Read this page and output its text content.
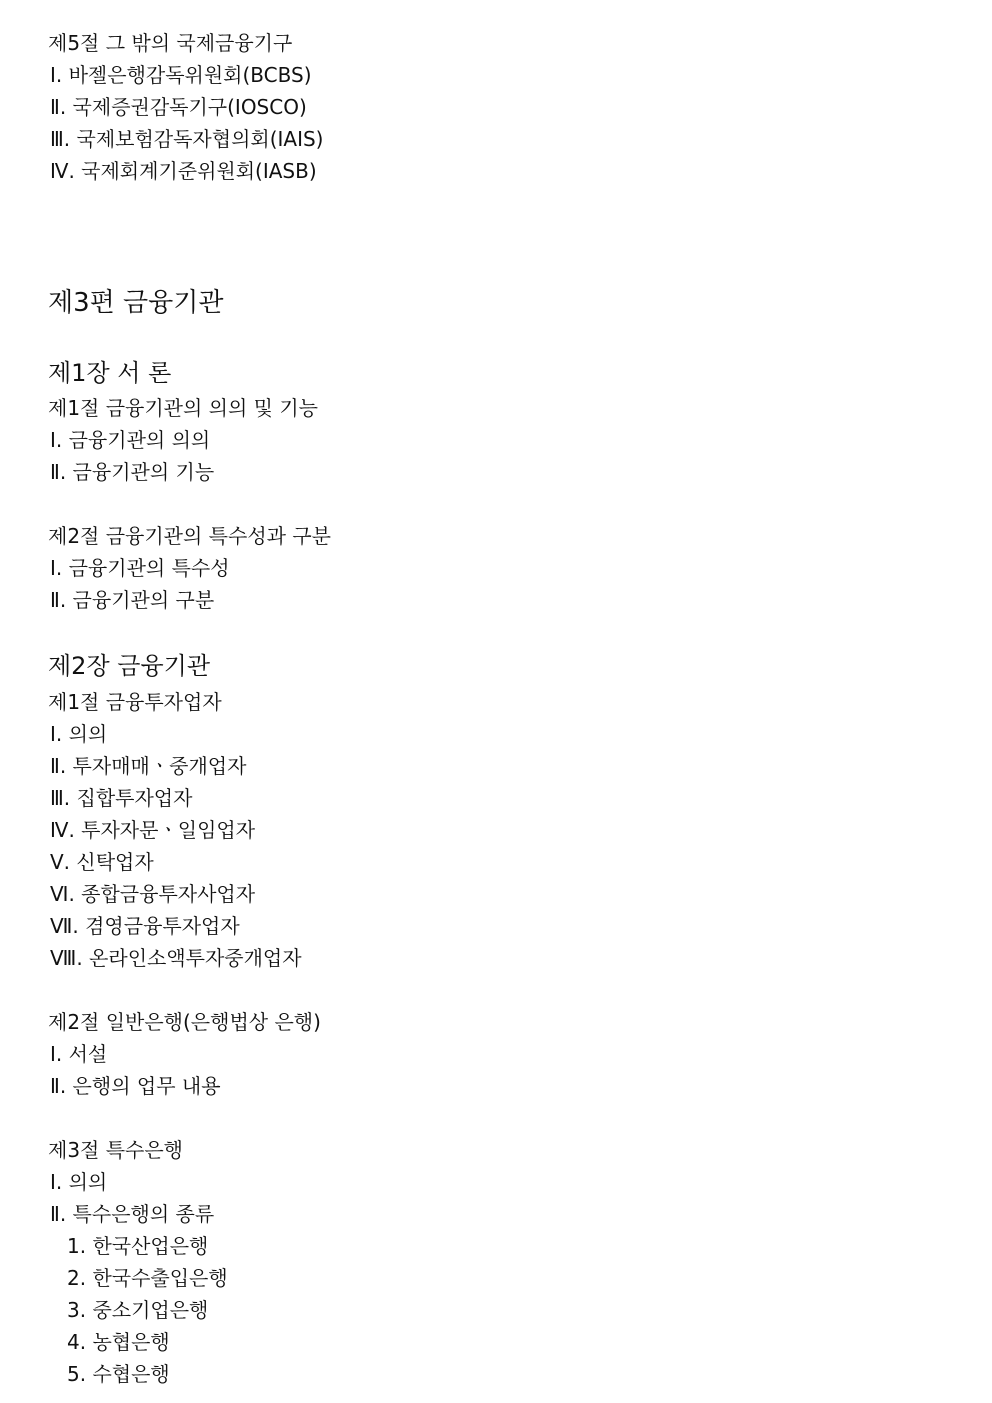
제5절 그 밖의 국제금융기구
Ⅰ. 바젤은행감독위원회(BCBS)
Ⅱ. 국제증권감독기구(IOSCO)
Ⅲ. 국제보험감독자협의회(IAIS)
Ⅳ. 국제회계기준위원회(IASB)
제3편 금융기관
제1장 서 론
제1절 금융기관의 의의 및 기능
Ⅰ. 금융기관의 의의
Ⅱ. 금융기관의 기능
제2절 금융기관의 특수성과 구분
Ⅰ. 금융기관의 특수성
Ⅱ. 금융기관의 구분
제2장 금융기관
제1절 금융투자업자
Ⅰ. 의의
Ⅱ. 투자매매ㆍ중개업자
Ⅲ. 집합투자업자
Ⅳ. 투자자문ㆍ일임업자
Ⅴ. 신탁업자
Ⅵ. 종합금융투자사업자
Ⅶ. 겸영금융투자업자
Ⅷ. 온라인소액투자중개업자
제2절 일반은행(은행법상 은행)
Ⅰ. 서설
Ⅱ. 은행의 업무 내용
제3절 특수은행
Ⅰ. 의의
Ⅱ. 특수은행의 종류
1. 한국산업은행
2. 한국수출입은행
3. 중소기업은행
4. 농협은행
5. 수협은행
